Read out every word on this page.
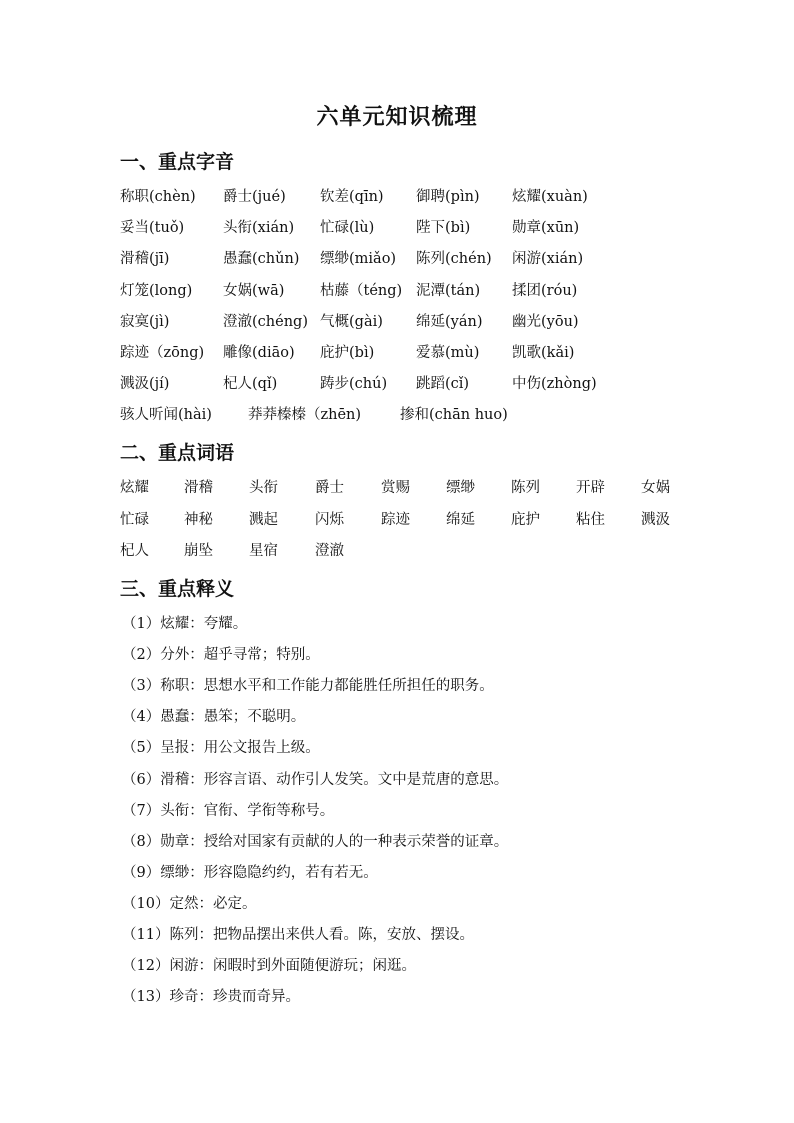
六单元知识梳理
一、重点字音
称职(chèn) 爵士(jué) 钦差(qīn) 御聘(pìn) 炫耀(xuàn)
妥当(tuǒ)	头衔(xián) 忙碌(lù)	陛下(bì)	勋章(xūn)
滑稽(jī)	愚蠢(chǔn) 缥缈(miǎo) 陈列(chén) 闲游(xián)
灯笼(long) 女娲(wā) 枯藤（téng) 泥潭(tán) 揉团(róu)
寂寞(jì)	澄澈(chéng) 气概(gài) 绵延(yán) 幽光(yōu)
踪迹（zōng) 雕像(diāo) 庇护(bì)	爱慕(mù) 凯歌(kǎi)
溅汲(jí)	杞人(qǐ)	踌步(chú) 跳蹈(cǐ)	中伤(zhòng)
骇人听闻(hài) 莽莽榛榛（zhēn)	掺和(chān huo)
二、重点词语
炫耀 滑稽 头衔	爵士	赏赐 缥缈 陈列 开辟 女娲
忙碌 神秘 溅起	闪烁	踪迹 绵延 庇护 粘住 溅汲
杞人 崩坠 星宿	澄澈
三、重点释义
（1）炫耀：夸耀。
（2）分外：超乎寻常；特别。
（3）称职：思想水平和工作能力都能胜任所担任的职务。
（4）愚蠢：愚笨；不聪明。
（5）呈报：用公文报告上级。
（6）滑稽：形容言语、动作引人发笑。文中是荒唐的意思。
（7）头衔：官衔、学衔等称号。
（8）勋章：授给对国家有贡献的人的一种表示荣誉的证章。
（9）缥缈：形容隐隐约约，若有若无。
（10）定然：必定。
（11）陈列：把物品摆出来供人看。陈，安放、摆设。
（12）闲游：闲暇时到外面随便游玩；闲逛。
（13）珍奇：珍贵而奇异。
